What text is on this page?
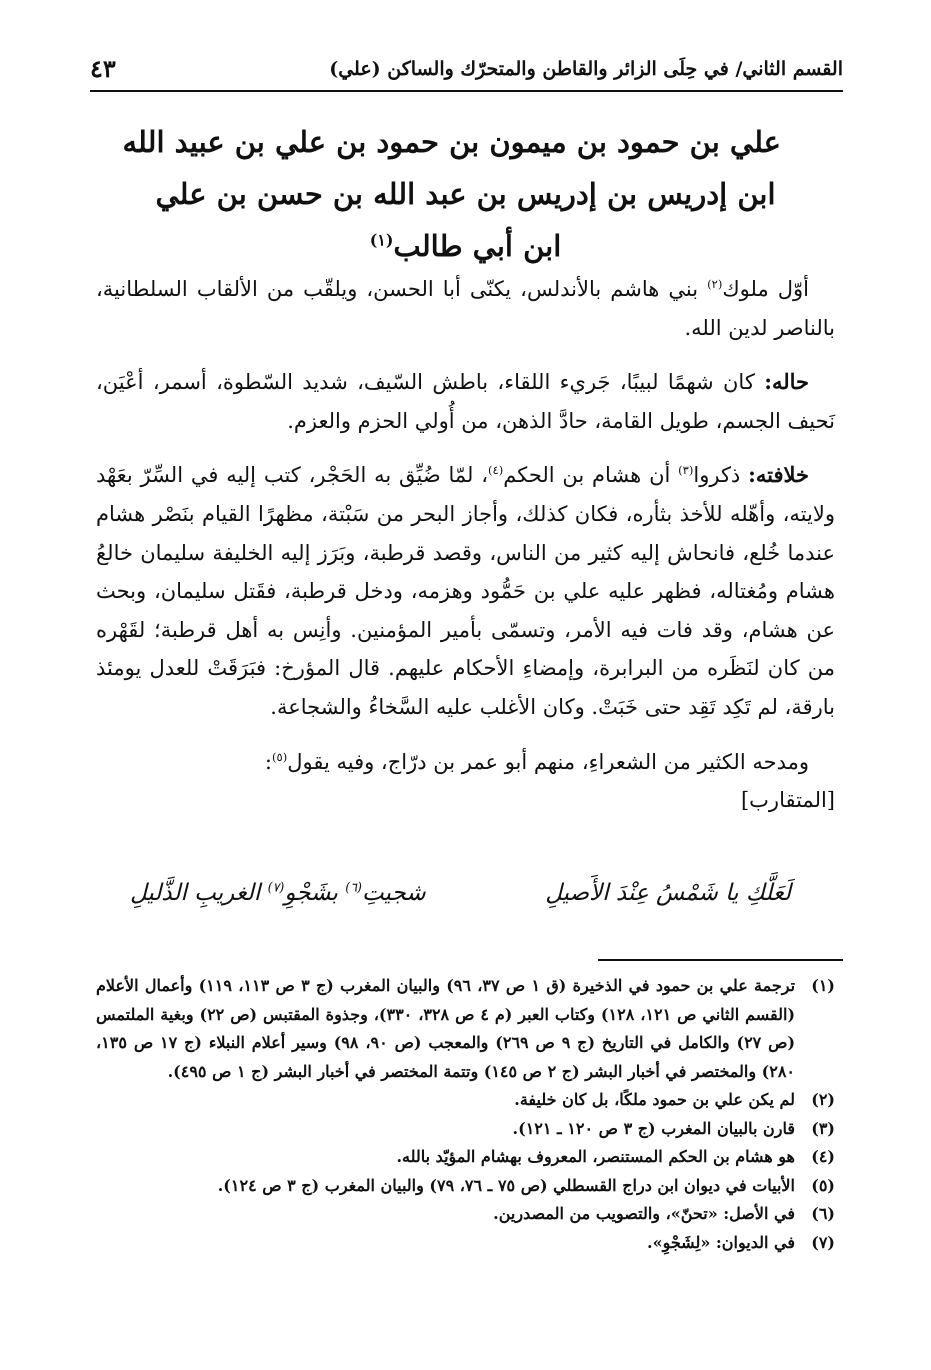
القسم الثاني/ في حِلَى الزائر والقاطن والمتحرّك والساكن (علي)
٤٣
علي بن حمود بن ميمون بن حمود بن علي بن عبيد الله
ابن إدريس بن إدريس بن عبد الله بن حسن بن علي
ابن أبي طالب$^{(١)}$

أوّل ملوك$^{(٢)}$ بني هاشم بالأندلس، يكنّى أبا الحسن، ويلقّب من الألقاب السلطانية، بالناصر لدين الله.

حاله: كان شهمًا لبيبًا، جَريء اللقاء، باطش السّيف، شديد السّطوة، أسمر، أعْيَن، نَحيف الجسم، طويل القامة، حادَّ الذهن، من أُولي الحزم والعزم.

خلافته: ذكروا$^{(٣)}$ أن هشام بن الحكم$^{(٤)}$، لمّا ضُيِّق به الحَجْر، كتب إليه في السِّرّ بعَهْد ولايته، وأهّله للأخذ بثأره، فكان كذلك، وأجاز البحر من سَبْتة، مظهرًا القيام بنَصْر هشام عندما خُلع، فانحاش إليه كثير من الناس، وقصد قرطبة، وبَرَز إليه الخليفة سليمان خالعُ هشام ومُغتاله، فظهر عليه علي بن حَمُّود وهزمه، ودخل قرطبة، فقَتل سليمان، وبحث عن هشام، وقد فات فيه الأمر، وتسمّى بأمير المؤمنين. وأنِس به أهل قرطبة؛ لقَهْره من كان لنَظَره من البرابرة، وإمضاءِ الأحكام عليهم. قال المؤرخ: فبَرَقَتْ للعدل يومئذ بارقة، لم تَكِد تَقِد حتى خَبَتْ. وكان الأغلب عليه السَّخاءُ والشجاعة.

ومدحه الكثير من الشعراءِ، منهم أبو عمر بن درّاج، وفيه يقول$^{(٥)}$:
[المتقارب]

لَعَلَّكِ يا شَمْسُ عِنْدَ الأَصيلِ
شجيتِ$^{(٦)}$ بشَجْوِ$^{(٧)}$ الغريبِ الذَّليلِ
(١)
ترجمة علي بن حمود في الذخيرة (ق ١ ص ٣٧، ٩٦) والبيان المغرب (ج ٣ ص ١١٣، ١١٩) وأعمال الأعلام (القسم الثاني ص ١٢١، ١٢٨) وكتاب العبر (م ٤ ص ٣٢٨، ٣٣٠)، وجذوة المقتبس (ص ٢٢) وبغية الملتمس (ص ٢٧) والكامل في التاريخ (ج ٩ ص ٢٦٩) والمعجب (ص ٩٠، ٩٨) وسير أعلام النبلاء (ج ١٧ ص ١٣٥، ٢٨٠) والمختصر في أخبار البشر (ج ٢ ص ١٤٥) وتتمة المختصر في أخبار البشر (ج ١ ص ٤٩٥).
(٢)
لم يكن علي بن حمود ملكًا، بل كان خليفة.
(٣)
قارن بالبيان المغرب (ج ٣ ص ١٢٠ ـ ١٢١).
(٤)
هو هشام بن الحكم المستنصر، المعروف بهشام المؤيّد بالله.
(٥)
الأبيات في ديوان ابن دراج القسطلي (ص ٧٥ ـ ٧٦، ٧٩) والبيان المغرب (ج ٣ ص ١٢٤).
(٦)
في الأصل: «تحنّ»، والتصويب من المصدرين.
(٧)
في الديوان: «لِشَجْوِ».
